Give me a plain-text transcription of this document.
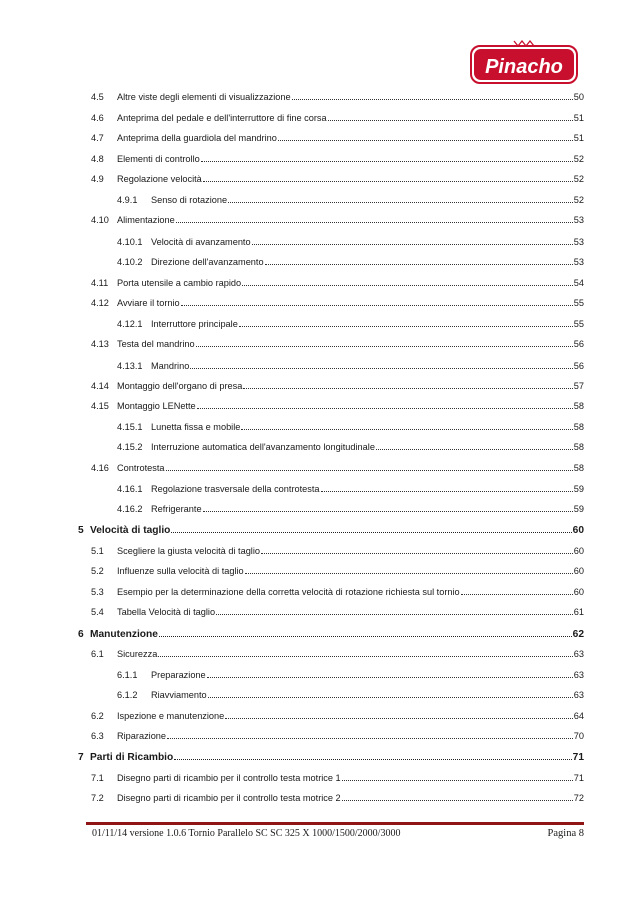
Pinacho
4.5	Altre viste degli elementi di visualizzazione	50
4.6	Anteprima del pedale e dell'interruttore di fine corsa	51
4.7	Anteprima della guardiola del mandrino	51
4.8	Elementi di controllo	52
4.9	Regolazione velocità	52
4.9.1	Senso di rotazione	52
4.10 Alimentazione	53
4.10.1 Velocità di avanzamento	53
4.10.2 Direzione dell'avanzamento	53
4.11 Porta utensile a cambio rapido	54
4.12 Avviare il tornio	55
4.12.1 Interruttore principale	55
4.13 Testa del mandrino	56
4.13.1 Mandrino	56
4.14 Montaggio dell'organo di presa	57
4.15 Montaggio LENette	58
4.15.1 Lunetta fissa e mobile	58
4.15.2 Interruzione automatica dell'avanzamento longitudinale	58
4.16 Controtesta	58
4.16.1 Regolazione trasversale della controtesta	59
4.16.2 Refrigerante	59
5 Velocità di taglio	60
5.1	Scegliere la giusta velocità di taglio	60
5.2	Influenze sulla velocità di taglio	60
5.3	Esempio per la determinazione della corretta velocità di rotazione richiesta sul tornio	60
5.4	Tabella Velocità di taglio	61
6 Manutenzione	62
6.1	Sicurezza	63
6.1.1	Preparazione	63
6.1.2	Riavviamento	63
6.2	Ispezione e manutenzione	64
6.3	Riparazione	70
7 Parti di Ricambio	71
7.1	Disegno parti di ricambio per il controllo testa motrice 1	71
7.2	Disegno parti di ricambio per il controllo testa motrice 2	72
01/11/14 versione 1.0.6 Tornio Parallelo SC SC 325 X 1000/1500/2000/3000	Pagina 8
